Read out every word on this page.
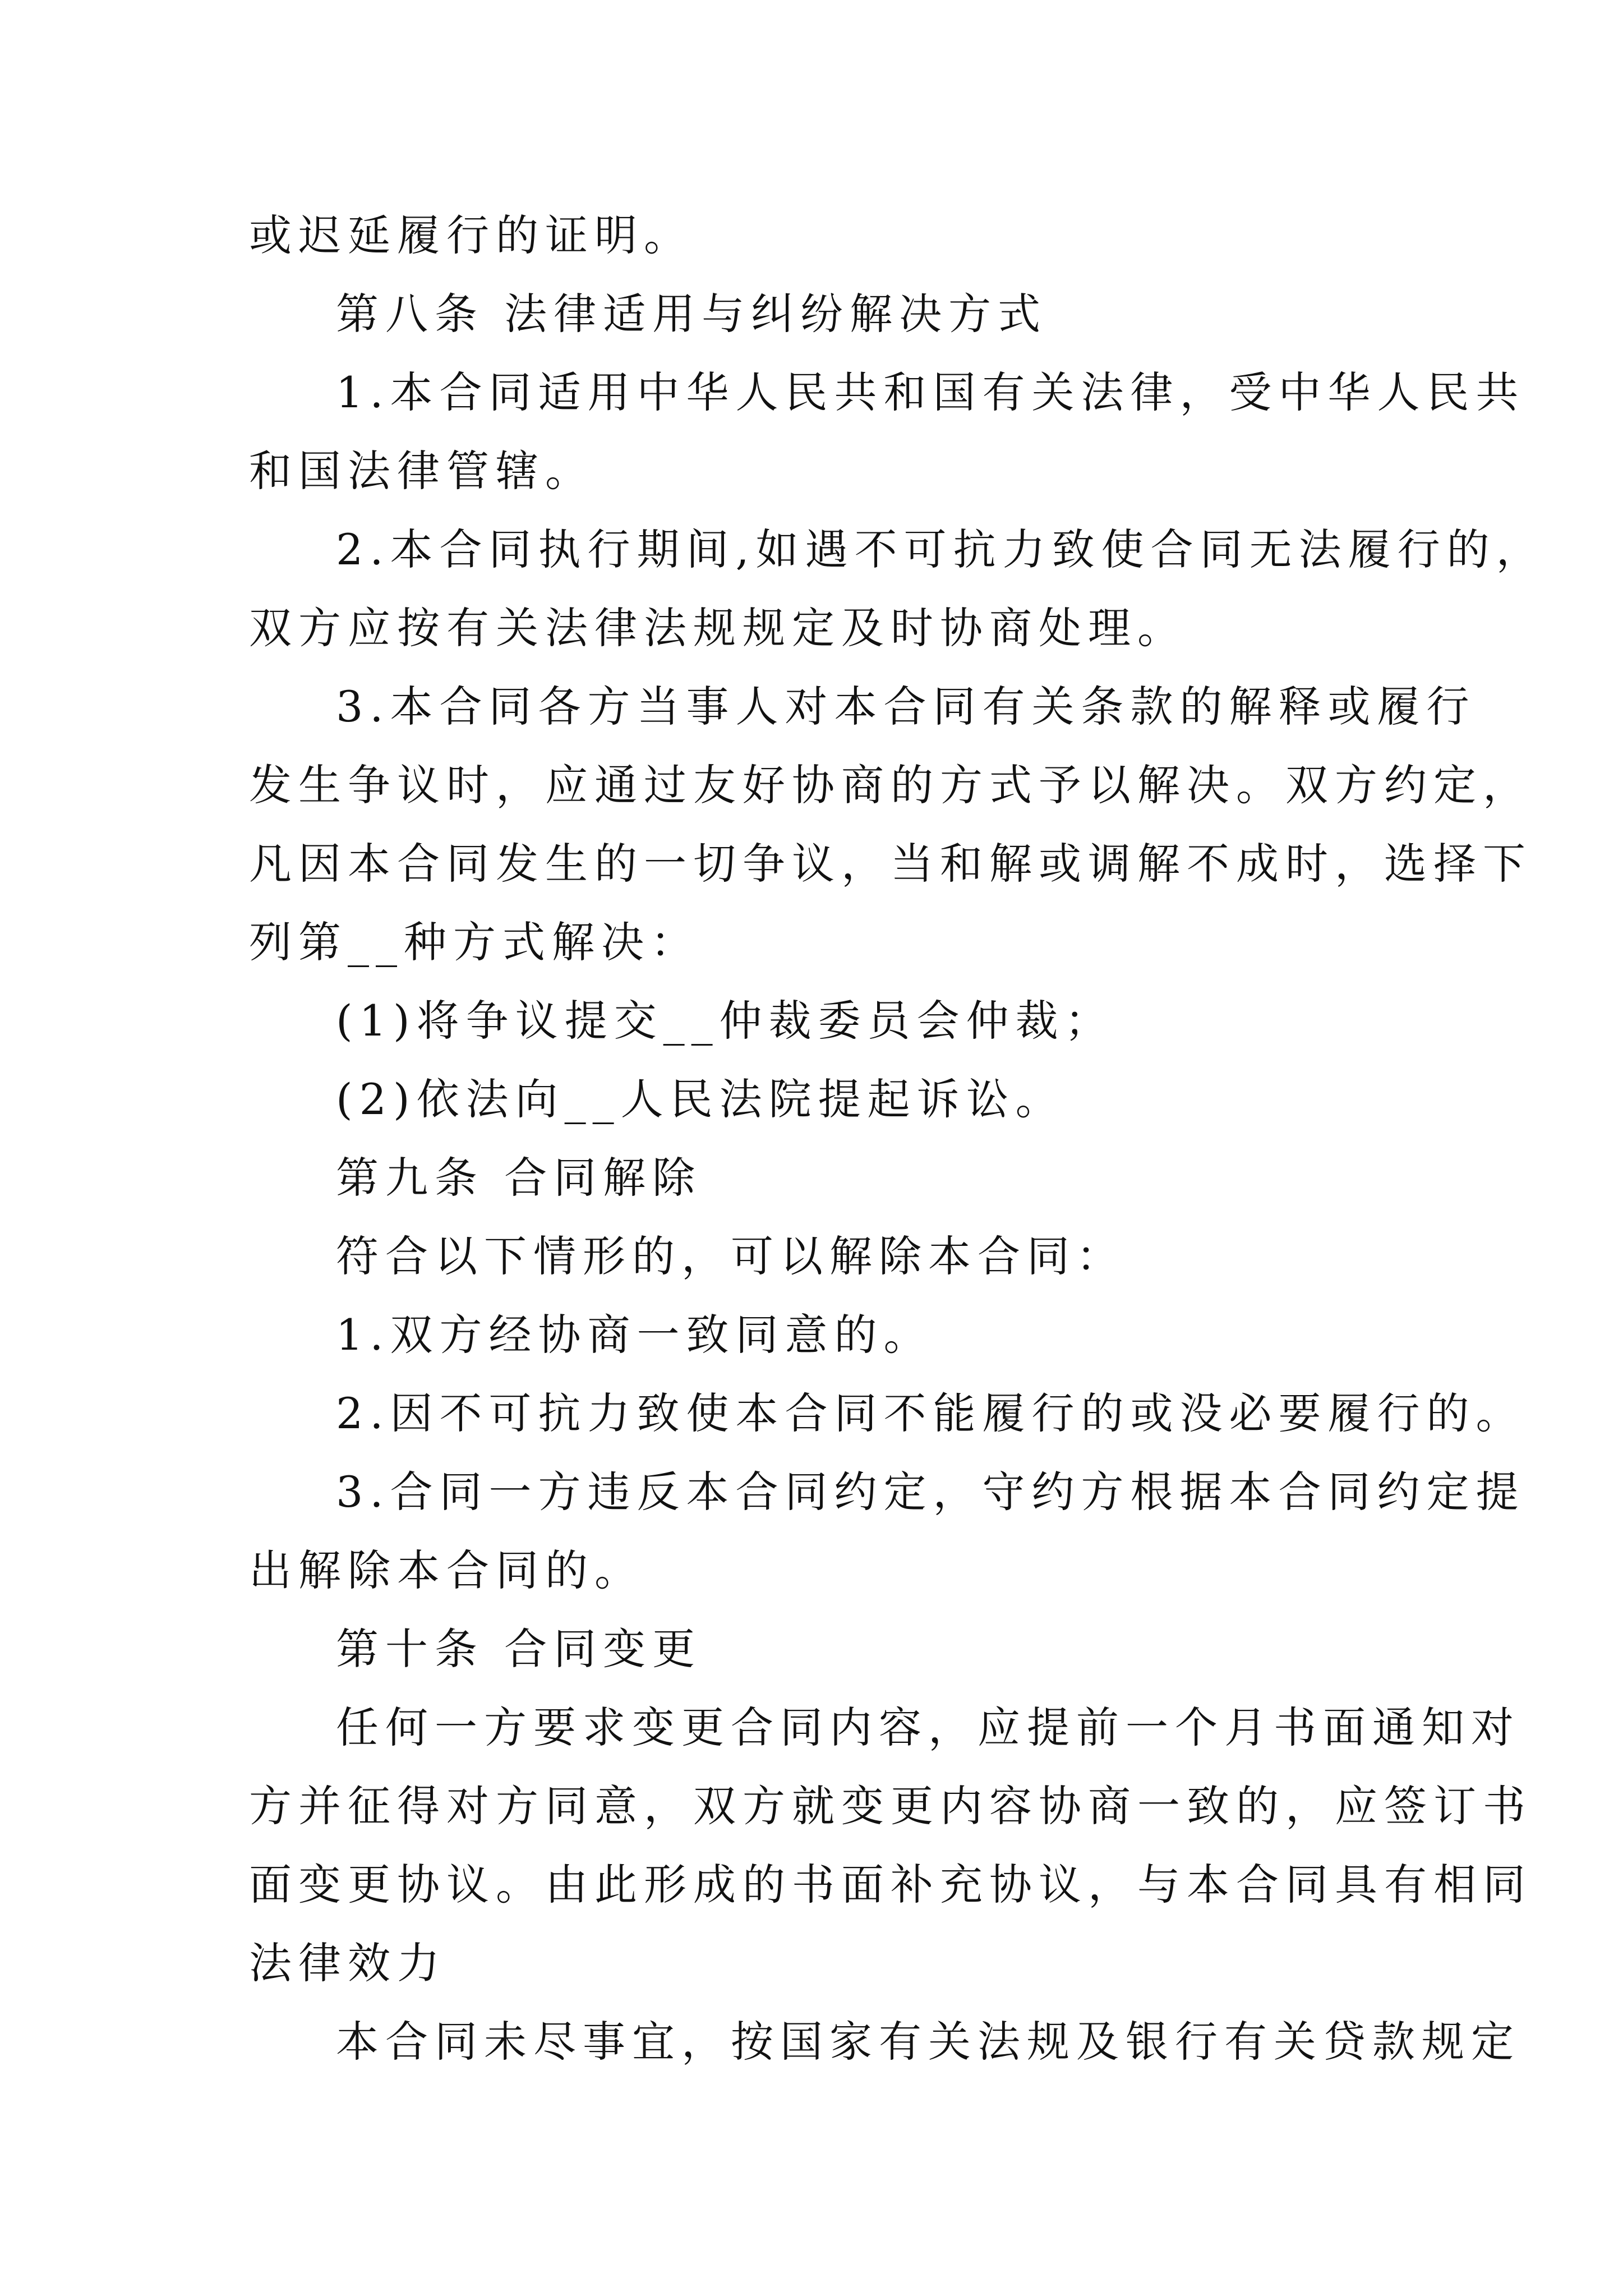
或迟延履行的证明。
第八条 法律适用与纠纷解决方式
1.本合同适用中华人民共和国有关法律，受中华人民共
和国法律管辖。
2.本合同执行期间,如遇不可抗力致使合同无法履行的，
双方应按有关法律法规规定及时协商处理。
3.本合同各方当事人对本合同有关条款的解释或履行
发生争议时，应通过友好协商的方式予以解决。双方约定，
凡因本合同发生的一切争议，当和解或调解不成时，选择下
列第__种方式解决：
(1)将争议提交__仲裁委员会仲裁；
(2)依法向__人民法院提起诉讼。
第九条 合同解除
符合以下情形的，可以解除本合同：
1.双方经协商一致同意的。
2.因不可抗力致使本合同不能履行的或没必要履行的。
3.合同一方违反本合同约定，守约方根据本合同约定提
出解除本合同的。
第十条 合同变更
任何一方要求变更合同内容，应提前一个月书面通知对
方并征得对方同意，双方就变更内容协商一致的，应签订书
面变更协议。由此形成的书面补充协议，与本合同具有相同
法律效力
本合同未尽事宜，按国家有关法规及银行有关贷款规定
